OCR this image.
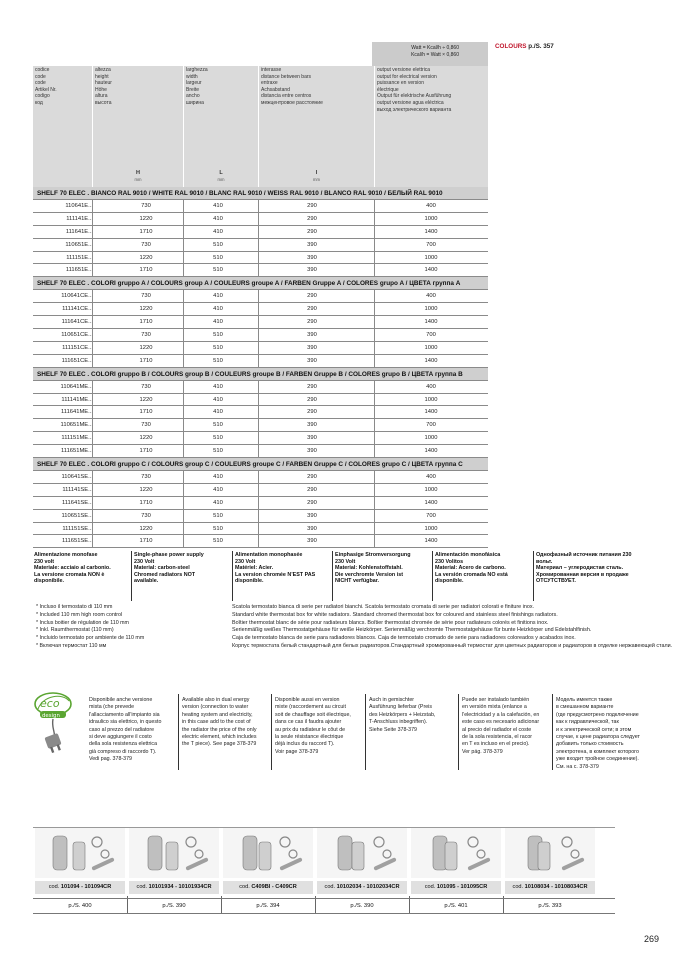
Watt = Kcal/h ÷ 0,860
Kcal/h = Watt × 0,860
COLOURS p./S. 357
codice
code
code
Artikel Nr.
codigo
код
altezza
height
hauteur
Höhe
altura
высота
H
mm
larghezza
width
largeur
Breite
ancho
ширина
L
mm
interasse
distance between bars
entraxe
Achsabstand
distancia entre centros
межцентровое расстояние
I
mm
output versione elettrica
output for electrical version
puissance en version
électrique
Output für elektrische Ausführung
output versione agua eléctrica
выход электрического варианта
SHELF 70 ELEC . BIANCO RAL 9010 / WHITE RAL 9010 / BLANC RAL 9010 / WEISS RAL 9010 / BLANCO RAL 9010 / БЕЛЫЙ RAL 9010
110641E...	730	410	290	400
111141E...	1220	410	290	1000
111641E...	1710	410	290	1400
110651E...	730	510	390	700
111151E...	1220	510	390	1000
111651E...	1710	510	390	1400
SHELF 70 ELEC . COLORI gruppo A / COLOURS group A / COULEURS groupe A / FARBEN Gruppe A / COLORES grupo A / ЦВЕТА группа A
110641CE...	730	410	290	400
111141CE...	1220	410	290	1000
111641CE...	1710	410	290	1400
110651CE...	730	510	390	700
111151CE...	1220	510	390	1000
111651CE...	1710	510	390	1400
SHELF 70 ELEC . COLORI gruppo B / COLOURS group B / COULEURS groupe B / FARBEN Gruppe B / COLORES grupo B / ЦВЕТА группа B
110641ME...	730	410	290	400
111141ME...	1220	410	290	1000
111641ME...	1710	410	290	1400
110651ME...	730	510	390	700
111151ME...	1220	510	390	1000
111651ME...	1710	510	390	1400
SHELF 70 ELEC . COLORI gruppo C / COLOURS group C / COULEURS groupe C / FARBEN Gruppe C / COLORES grupo C / ЦВЕТА группа C
110641SE...	730	410	290	400
111141SE...	1220	410	290	1000
111641SE...	1710	410	290	1400
110651SE...	730	510	390	700
111151SE...	1220	510	390	1000
111651SE...	1710	510	390	1400
Alimentazione monofase
230 volt
Materiale: acciaio al carbonio.
La versione cromata NON è
disponibile.
Single-phase power supply
230 Volt
Material: carbon-steel
Chromed radiators NOT
available.
Alimentation monophasée
230 Volt
Matériel: Acier.
La version chromée N'EST PAS
disponible.
Einphasige Stromversorgung
230 Volt
Material: Kohlenstoffstahl.
Die verchromte Version ist
NICHT verfügbar.
Alimentación monofásica
230 Volitos
Material: Acero de carbono.
La versión cromada NO está
disponible.
Однофазный источник питания 230
вольт.
Материал – углеродистая сталь.
Хромированная версия в продаже
ОТСУТСТВУЕТ.
* Incluso il termostato di 110 mm
* Included 110 mm high room control
* Inclus boitier de régulation de 110 mm
* Inkl. Raumthermostat (110 mm)
* Incluido termostato por ambiente de 110 mm
* Включая термостат 110 мм
Scatola termostato bianca di serie per radiatori bianchi. Scatola termostato cromata di serie per radiatori colorati e finiture inox.
Standard white thermostat box for white radiators. Standard chromed thermostat box for coloured and stainless steel finishings radiators.
Boîtier thermostat blanc de série pour radiateurs blancs. Boîtier thermostat chromée de série pour radiateurs colorés et finitions inox.
Serienmäßig weißes Thermostatgehäuse für weiße Heizkörper. Serienmäßig verchromte Thermostatgehäuse für bunte Heizkörper und Edelstahlfinish.
Caja de termostato blanca de serie para radiadores blancos. Caja de termostato cromado de serie para radiadores coloreados y acabados inox.
Корпус термостата белый стандартный для белых радиаторов.Стандартный хромированный термостат для цветных радиаторов и радиаторов в отделке нержавеющей стали.
eco
design
Disponibile anche versione
mista (che prevede
l'allacciamento all'impianto sia
idraulico sia elettrico, in questo
caso al prezzo del radiatore
si deve aggiungere il costo
della sola resistenza elettrica
già compreso di raccordo T).
Vedi pag. 378-379
Available also in dual energy
version (connection to water
heating system and electricity,
in this case add to the cost of
the radiator the price of the only
electric element, which includes
the T piece). See page 378-379
Disponible aussi en version
mixte (raccordement au circuit
soit de chauffage soit électrique,
dans ce cas il faudra ajouter
au prix du radiateur le côut de
la seule résistance électrique
déjà inclus du raccord T).
Voir page 378-379
Auch in gemischter
Ausführung lieferbar (Preis
des Heizkörpers + Heizstab,
T-Anschluss inbegriffen).
Siehe Seite 378-379
Puede ser instalado también
en versión mixta (enlance a
l'electricidad y a la calefación, en
este caso es necesario adicionar
al precio del radiador el coste
de la sola resistencia, el racor
en T es incluso en el precio).
Ver pág. 378-379
Модель имеется также
в смешанном варианте
(где предусмотрено подключение
как к гидравлической, так
и к электрической сети; в этом
случае, к цене радиатора следует
добавить только стоимость
электротена, в комплект которого
уже входит тройное соединение).
См. на с. 378-379
cod. 101094 - 101094CR
p./S. 400
cod. 10101934 - 10101934CR
p./S. 390
cod. C409BI - C409CR
p./S. 394
cod. 10102034 - 10102034CR
p./S. 390
cod. 101095 - 101095CR
p./S. 401
cod. 10108034 - 10108034CR
p./S. 393
269
